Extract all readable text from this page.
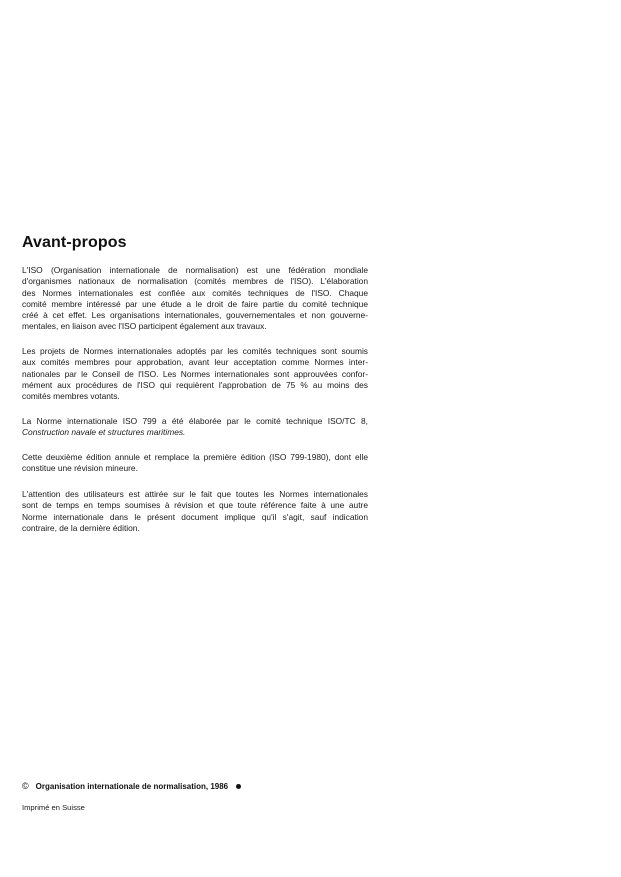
Avant-propos
L'ISO (Organisation internationale de normalisation) est une fédération mondiale
d'organismes nationaux de normalisation (comités membres de l'ISO). L'élaboration
des Normes internationales est confiée aux comités techniques de l'ISO. Chaque
comité membre intéressé par une étude a le droit de faire partie du comité technique
créé à cet effet. Les organisations internationales, gouvernementales et non gouverne-
mentales, en liaison avec l'ISO participent également aux travaux.
Les projets de Normes internationales adoptés par les comités techniques sont soumis
aux comités membres pour approbation, avant leur acceptation comme Normes inter-
nationales par le Conseil de l'ISO. Les Normes internationales sont approuvées confor-
mément aux procédures de l'ISO qui requièrent l'approbation de 75 % au moins des
comités membres votants.
La Norme internationale ISO 799 a été élaborée par le comité technique ISO/TC 8,
Construction navale et structures maritimes.
Cette deuxième édition annule et remplace la première édition (ISO 799-1980), dont elle
constitue une révision mineure.
L'attention des utilisateurs est attirée sur le fait que toutes les Normes internationales
sont de temps en temps soumises à révision et que toute référence faite à une autre
Norme internationale dans le présent document implique qu'il s'agit, sauf indication
contraire, de la dernière édition.
© Organisation internationale de normalisation, 1986
Imprimé en Suisse
